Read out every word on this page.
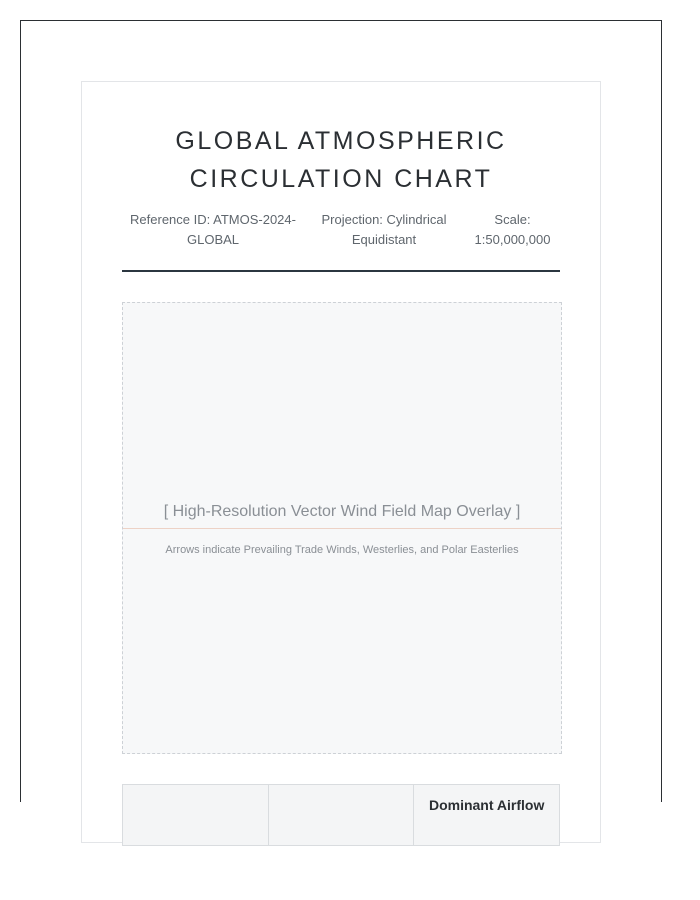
GLOBAL ATMOSPHERIC
CIRCULATION CHART
Reference ID: ATMOS-2024-GLOBAL
Projection: Cylindrical Equidistant
Scale: 1:50,000,000
[ High-Resolution Vector Wind Field Map Overlay ]
Arrows indicate Prevailing Trade Winds, Westerlies, and Polar Easterlies
		Dominant Airflow
